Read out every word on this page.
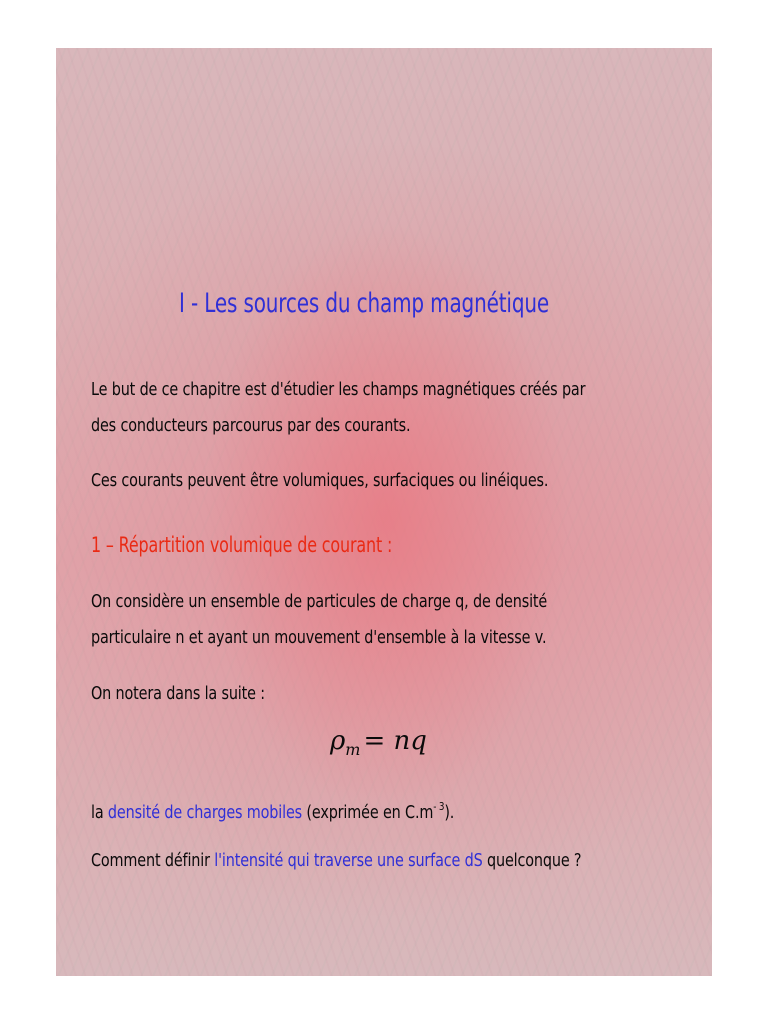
I - Les sources du champ magnétique
Le but de ce chapitre est d'étudier les champs magnétiques créés par
des conducteurs parcourus par des courants.
Ces courants peuvent être volumiques, surfaciques ou linéiques.
1 – Répartition volumique de courant :
On considère un ensemble de particules de charge q, de densité
particulaire n et ayant un mouvement d'ensemble à la vitesse v.
On notera dans la suite :
$\rho_m$ = nq
la densité de charges mobiles (exprimée en $C.m^{- 3}$).
Comment définir l'intensité qui traverse une surface dS quelconque ?
